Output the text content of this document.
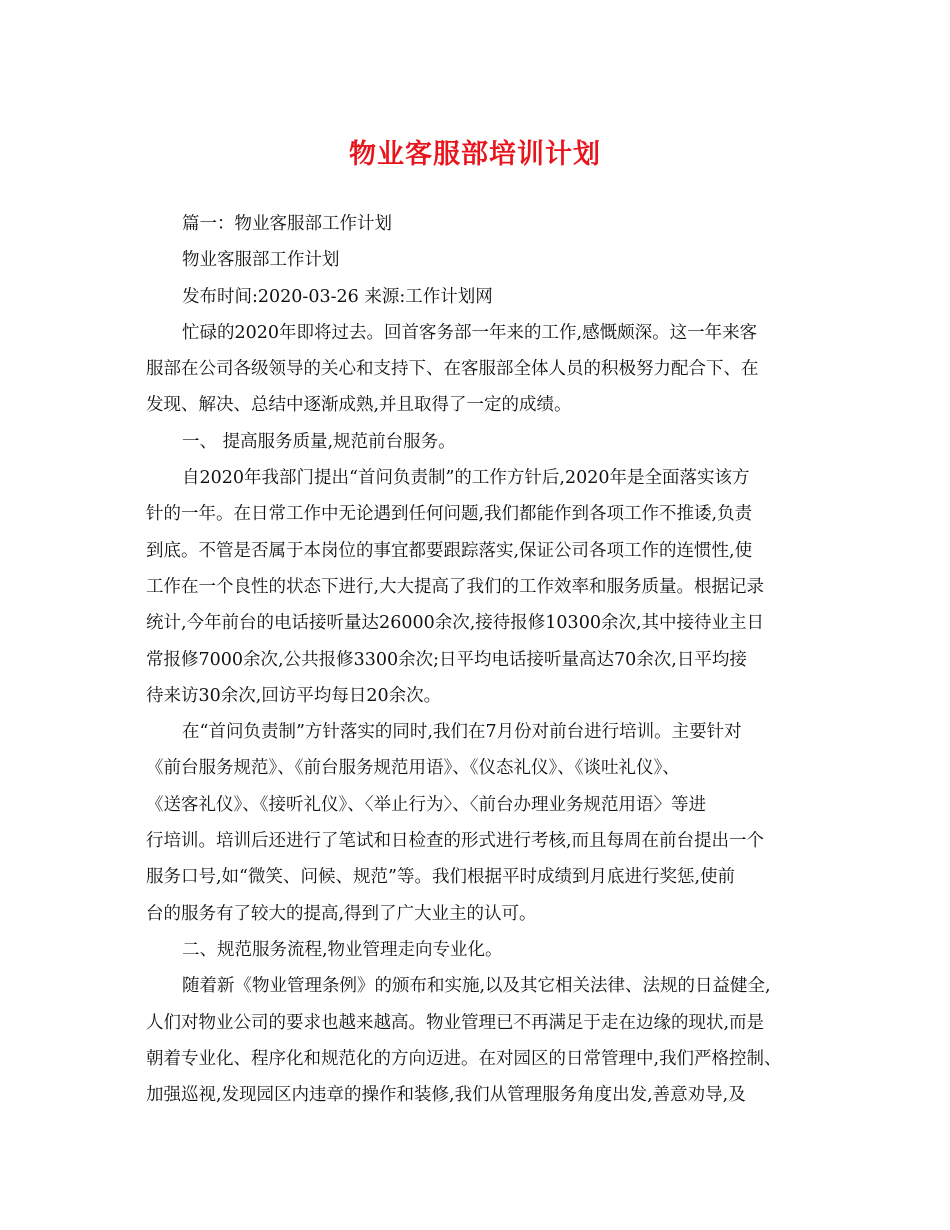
物业客服部培训计划
篇一：物业客服部工作计划
物业客服部工作计划
发布时间:2020-03-26 来源:工作计划网
忙碌的2020年即将过去。回首客务部一年来的工作,感慨颇深。这一年来客
服部在公司各级领导的关心和支持下、在客服部全体人员的积极努力配合下、在
发现、解决、总结中逐渐成熟,并且取得了一定的成绩。
一、 提高服务质量,规范前台服务。
自2020年我部门提出“首问负责制”的工作方针后,2020年是全面落实该方
针的一年。在日常工作中无论遇到任何问题,我们都能作到各项工作不推诿,负责
到底。不管是否属于本岗位的事宜都要跟踪落实,保证公司各项工作的连惯性,使
工作在一个良性的状态下进行,大大提高了我们的工作效率和服务质量。根据记录
统计,今年前台的电话接听量达26000余次,接待报修10300余次,其中接待业主日
常报修7000余次,公共报修3300余次;日平均电话接听量高达70余次,日平均接
待来访30余次,回访平均每日20余次。
在“首问负责制”方针落实的同时,我们在7月份对前台进行培训。主要针对
《前台服务规范》、《前台服务规范用语》、《仪态礼仪》、《谈吐礼仪》、
《送客礼仪》、《接听礼仪》、〈举止行为〉、〈前台办理业务规范用语〉等进
行培训。培训后还进行了笔试和日检查的形式进行考核,而且每周在前台提出一个
服务口号,如“微笑、问候、规范”等。我们根据平时成绩到月底进行奖惩,使前
台的服务有了较大的提高,得到了广大业主的认可。
二、规范服务流程,物业管理走向专业化。
随着新《物业管理条例》的颁布和实施,以及其它相关法律、法规的日益健全,
人们对物业公司的要求也越来越高。物业管理已不再满足于走在边缘的现状,而是
朝着专业化、程序化和规范化的方向迈进。在对园区的日常管理中,我们严格控制、
加强巡视,发现园区内违章的操作和装修,我们从管理服务角度出发,善意劝导,及
